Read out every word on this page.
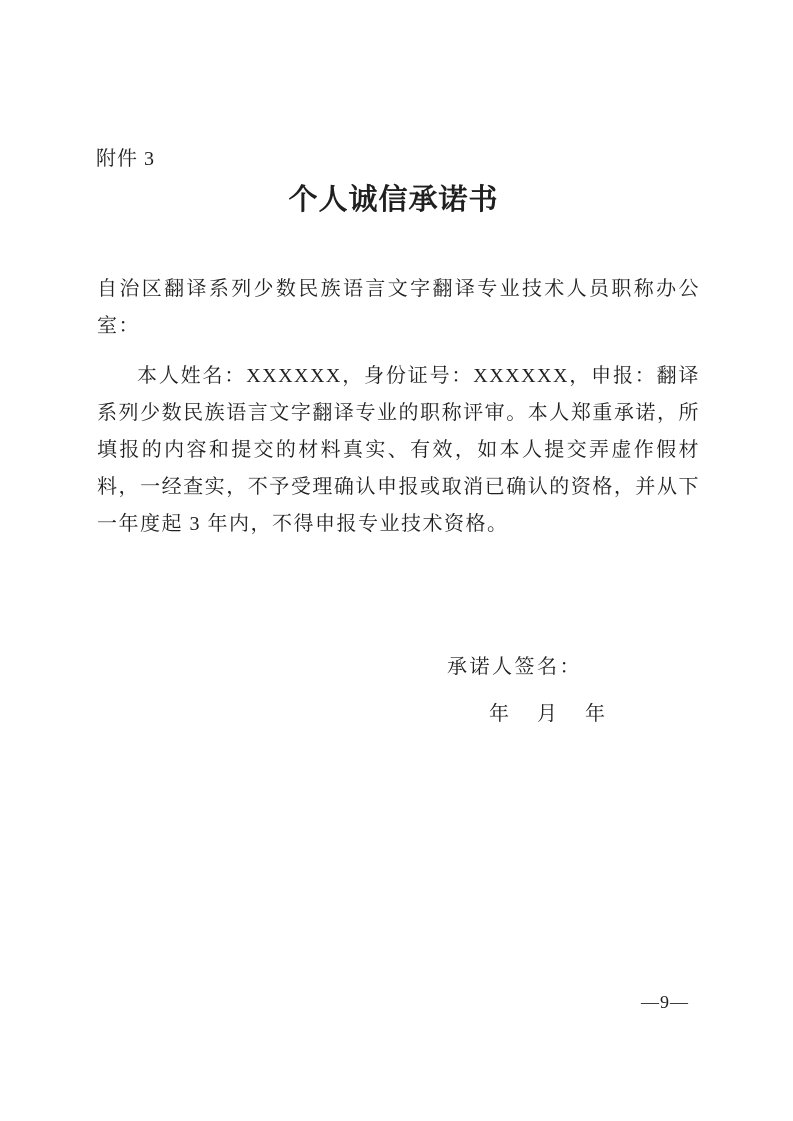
附件 3
个人诚信承诺书

自治区翻译系列少数民族语言文字翻译专业技术人员职称办公室：

本人姓名：XXXXXX，身份证号：XXXXXX，申报：翻译系列少数民族语言文字翻译专业的职称评审。本人郑重承诺，所填报的内容和提交的材料真实、有效，如本人提交弄虚作假材料，一经查实，不予受理确认申报或取消已确认的资格，并从下一年度起 3 年内，不得申报专业技术资格。

承诺人签名：
年 月 年
—9—
